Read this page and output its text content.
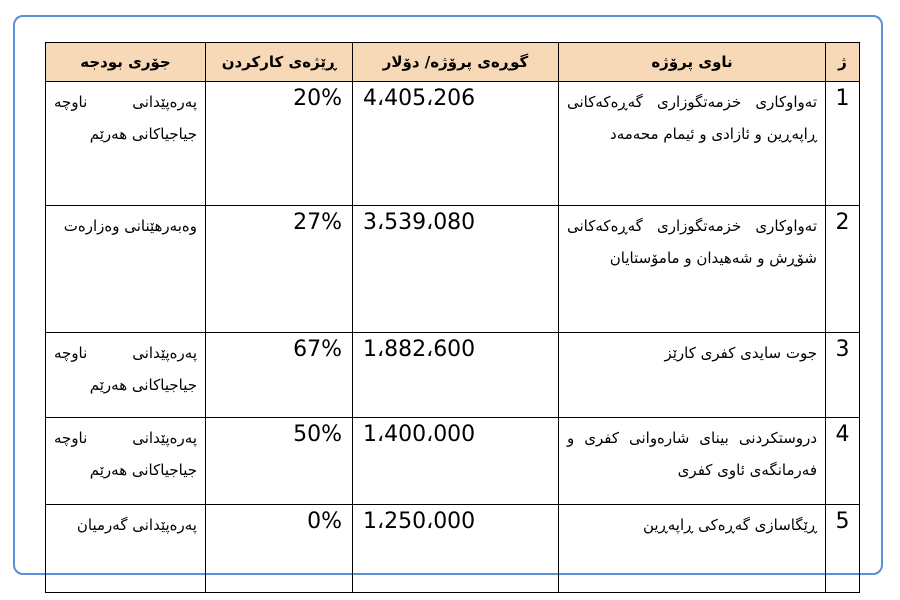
ژ	ناوی پرۆژە	گوڕەی پرۆژە/ دۆلار	ڕێژەی کارکردن	جۆری بودجە
1	تەواوکاری خزمەتگوزاری گەڕەکەکانی ڕاپەڕین و ئازادی و ئیمام محەمەد	4،405،206	20%	پەرەپێدانی ناوچە جیاجیاکانی هەرێم
2	تەواوکاری خزمەتگوزاری گەڕەکەکانی شۆڕش و شەهیدان و مامۆستایان	3،539،080	27%	وەبەرهێنانی وەزارەت
3	جوت سایدی کفری کارێز	1،882،600	67%	پەرەپێدانی ناوچە جیاجیاکانی هەرێم
4	دروستکردنی بینای شارەوانی کفری و فەرمانگەی ئاوی کفری	1،400،000	50%	پەرەپێدانی ناوچە جیاجیاکانی هەرێم
5	ڕێگاسازی گەڕەکی ڕاپەڕین	1،250،000	0%	پەرەپێدانی گەرمیان
